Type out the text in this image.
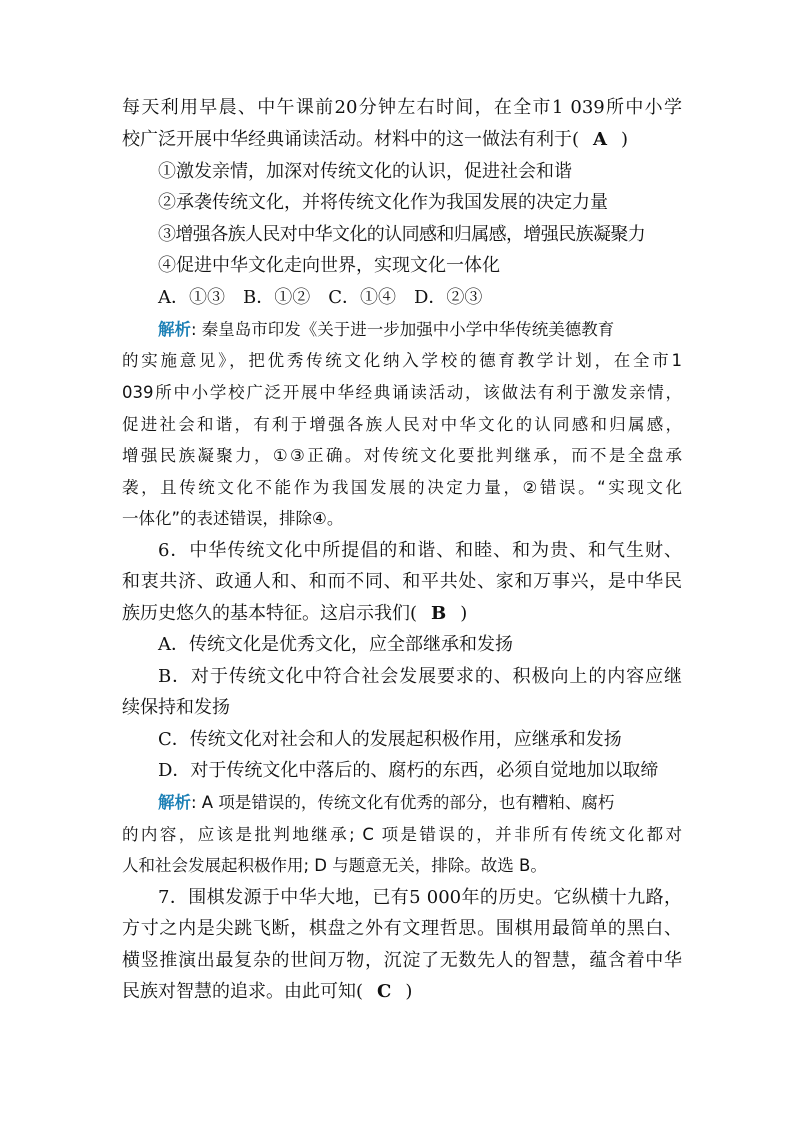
每天利用早晨、中午课前20分钟左右时间，在全市1 039所中小学
校广泛开展中华经典诵读活动。材料中的这一做法有利于( A )
①激发亲情，加深对传统文化的认识，促进社会和谐
②承袭传统文化，并将传统文化作为我国发展的决定力量
③增强各族人民对中华文化的认同感和归属感，增强民族凝聚力
④促进中华文化走向世界，实现文化一体化
A．①③　B．①②　C．①④　D．②③
解析: 秦皇岛市印发《关于进一步加强中小学中华传统美德教育
的实施意见》，把优秀传统文化纳入学校的德育教学计划，在全市1
039所中小学校广泛开展中华经典诵读活动，该做法有利于激发亲情，
促进社会和谐，有利于增强各族人民对中华文化的认同感和归属感，
增强民族凝聚力，①③正确。对传统文化要批判继承，而不是全盘承
袭，且传统文化不能作为我国发展的决定力量，②错误。“实现文化
一体化”的表述错误，排除④。
6．中华传统文化中所提倡的和谐、和睦、和为贵、和气生财、
和衷共济、政通人和、和而不同、和平共处、家和万事兴，是中华民
族历史悠久的基本特征。这启示我们( B )
A．传统文化是优秀文化，应全部继承和发扬
B．对于传统文化中符合社会发展要求的、积极向上的内容应继
续保持和发扬
C．传统文化对社会和人的发展起积极作用，应继承和发扬
D．对于传统文化中落后的、腐朽的东西，必须自觉地加以取缔
解析: A 项是错误的，传统文化有优秀的部分，也有糟粕、腐朽
的内容，应该是批判地继承; C 项是错误的，并非所有传统文化都对
人和社会发展起积极作用; D 与题意无关，排除。故选 B。
7．围棋发源于中华大地，已有5 000年的历史。它纵横十九路，
方寸之内是尖跳飞断，棋盘之外有文理哲思。围棋用最简单的黑白、
横竖推演出最复杂的世间万物，沉淀了无数先人的智慧，蕴含着中华
民族对智慧的追求。由此可知( C )
